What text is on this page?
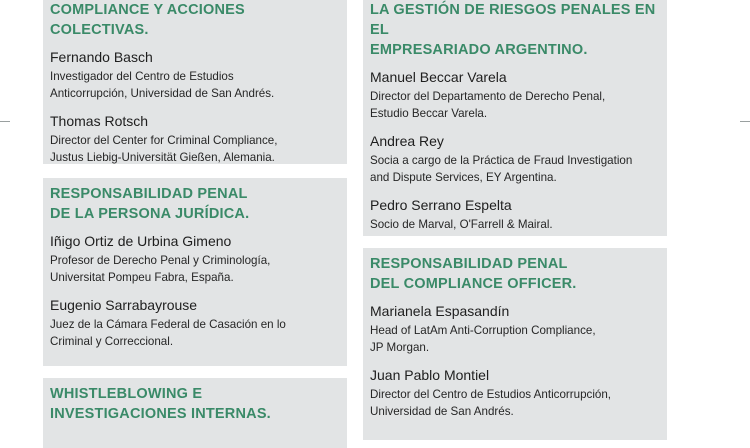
COMPLIANCE Y ACCIONES COLECTIVAS.
Fernando Basch
Investigador del Centro de Estudios
Anticorrupción, Universidad de San Andrés.
Thomas Rotsch
Director del Center for Criminal Compliance,
Justus Liebig-Universität Gießen, Alemania.
RESPONSABILIDAD PENAL
DE LA PERSONA JURÍDICA.
Iñigo Ortiz de Urbina Gimeno
Profesor de Derecho Penal y Criminología,
Universitat Pompeu Fabra, España.
Eugenio Sarrabayrouse
Juez de la Cámara Federal de Casación en lo
Criminal y Correccional.
WHISTLEBLOWING E
INVESTIGACIONES INTERNAS.
LA GESTIÓN DE RIESGOS PENALES EN EL
EMPRESARIADO ARGENTINO.
Manuel Beccar Varela
Director del Departamento de Derecho Penal,
Estudio Beccar Varela.
Andrea Rey
Socia a cargo de la Práctica de Fraud Investigation
and Dispute Services, EY Argentina.
Pedro Serrano Espelta
Socio de Marval, O'Farrell & Mairal.
RESPONSABILIDAD PENAL
DEL COMPLIANCE OFFICER.
Marianela Espasandín
Head of LatAm Anti-Corruption Compliance,
JP Morgan.
Juan Pablo Montiel
Director del Centro de Estudios Anticorrupción,
Universidad de San Andrés.
